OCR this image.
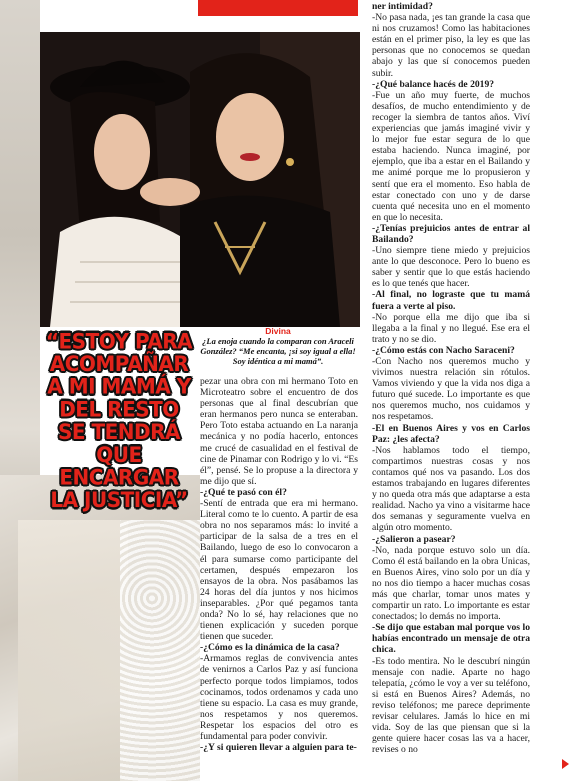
“ESTOY PARA ACOMPAÑAR A MI MAMÁ Y DEL RESTO SE TENDRÁ QUE ENCARGAR LA JUSTICIA”
Divina
¿La enoja cuando la comparan con Araceli González? “Me encanta, ¡si soy igual a ella! Soy idéntica a mi mamá”.

pezar una obra con mi hermano Toto en Microteatro sobre el encuentro de dos personas que al final descubrían que eran hermanos pero nunca se enteraban. Pero Toto estaba actuando en La naranja mecánica y no podía hacerlo, entonces me crucé de casualidad en el festival de cine de Pinamar con Rodrigo y lo vi. “Es él”, pensé. Se lo propuse a la directora y me dijo que sí.

-¿Qué te pasó con él?

-Sentí de entrada que era mi hermano. Literal como te lo cuento. A partir de esa obra no nos separamos más: lo invité a participar de la salsa de a tres en el Bailando, luego de eso lo convocaron a él para sumarse como participante del certamen, después empezaron los ensayos de la obra. Nos pasábamos las 24 horas del día juntos y nos hicimos inseparables. ¿Por qué pegamos tanta onda? No lo sé, hay relaciones que no tienen explicación y suceden porque tienen que suceder.

-¿Cómo es la dinámica de la casa?

-Armamos reglas de convivencia antes de venirnos a Carlos Paz y así funciona perfecto porque todos limpiamos, todos cocinamos, todos ordenamos y cada uno tiene su espacio. La casa es muy grande, nos respetamos y nos queremos. Respetar los espacios del otro es fundamental para poder convivir.

-¿Y si quieren llevar a alguien para te-

ner intimidad?

-No pasa nada, ¡es tan grande la casa que ni nos cruzamos! Como las habitaciones están en el primer piso, la ley es que las personas que no conocemos se quedan abajo y las que sí conocemos pueden subir.

-¿Qué balance hacés de 2019?

-Fue un año muy fuerte, de muchos desafíos, de mucho entendimiento y de recoger la siembra de tantos años. Viví experiencias que jamás imaginé vivir y lo mejor fue estar segura de lo que estaba haciendo. Nunca imaginé, por ejemplo, que iba a estar en el Bailando y me animé porque me lo propusieron y sentí que era el momento. Eso habla de estar conectado con uno y de darse cuenta qué necesita uno en el momento en que lo necesita.

-¿Tenías prejuicios antes de entrar al Bailando?

-Uno siempre tiene miedo y prejuicios ante lo que desconoce. Pero lo bueno es saber y sentir que lo que estás haciendo es lo que tenés que hacer.

-Al final, no lograste que tu mamá fuera a verte al piso.

-No porque ella me dijo que iba si llegaba a la final y no llegué. Ese era el trato y no se dio.

-¿Cómo estás con Nacho Saraceni?

-Con Nacho nos queremos mucho y vivimos nuestra relación sin rótulos. Vamos viviendo y que la vida nos diga a futuro qué sucede. Lo importante es que nos queremos mucho, nos cuidamos y nos respetamos.

-El en Buenos Aires y vos en Carlos Paz: ¿les afecta?

-Nos hablamos todo el tiempo, compartimos nuestras cosas y nos contamos qué nos va pasando. Los dos estamos trabajando en lugares diferentes y no queda otra más que adaptarse a esta realidad. Nacho ya vino a visitarme hace dos semanas y seguramente vuelva en algún otro momento.

-¿Salieron a pasear?

-No, nada porque estuvo solo un día. Como él está bailando en la obra Unicas, en Buenos Aires, vino solo por un día y no nos dio tiempo a hacer muchas cosas más que charlar, tomar unos mates y compartir un rato. Lo importante es estar conectados; lo demás no importa.

-Se dijo que estaban mal porque vos lo habías encontrado un mensaje de otra chica.

-Es todo mentira. No le descubrí ningún mensaje con nadie. Aparte no hago telepatía, ¿cómo le voy a ver su teléfono, si está en Buenos Aires? Además, no reviso teléfonos; me parece deprimente revisar celulares. Jamás lo hice en mi vida. Soy de las que piensan que si la gente quiere hacer cosas las va a hacer, revises o no
